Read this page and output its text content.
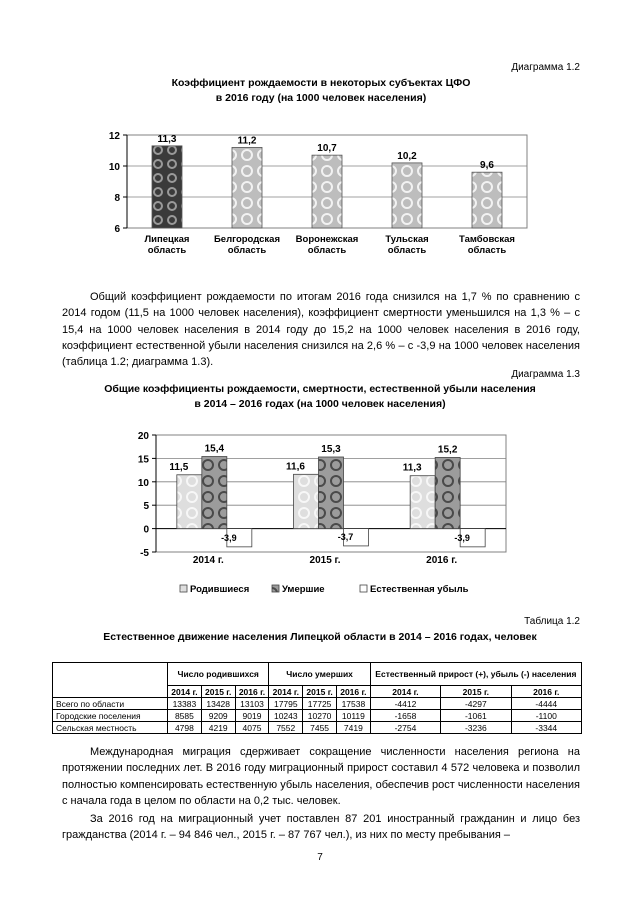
Диаграмма 1.2
Коэффициент рождаемости в некоторых субъектах ЦФО
в 2016 году (на 1000 человек населения)
6
8
10
12	11,3
Липецкая
область
11,2
Белгородская
область
10,7
Воронежская
область
10,2
Тульская
область
9,6
Тамбовская
область
Общий коэффициент рождаемости по итогам 2016 года снизился на 1,7 % по сравнению с 2014 годом (11,5 на 1000 человек населения), коэффициент смертности уменьшился на 1,3 % – с 15,4 на 1000 человек населения в 2014 году до 15,2 на 1000 человек населения в 2016 году, коэффициент естественной убыли населения снизился на 2,6 % – с -3,9 на 1000 человек населения (таблица 1.2; диаграмма 1.3).
Диаграмма 1.3
Общие коэффициенты рождаемости, смертности, естественной убыли населения
в 2014 – 2016 годах (на 1000 человек населения)
-5
0
5
10
15
20
11,5
15,4
-3,9
2014 г.
11,6
15,3
-3,7
2015 г.
11,3
15,2
-3,9
2016 г.
Родившиеся	Умершие	Естественная убыль
Таблица 1.2
Естественное движение населения Липецкой области в 2014 – 2016 годах, человек
	Число родившихся			Число умерших			Естественный прирост (+), убыль (-) населения		
	2014 г.	2015 г.	2016 г.	2014 г.	2015 г.	2016 г.	2014 г.	2015 г.	2016 г.
Всего по области	13383	13428	13103	17795	17725	17538	-4412	-4297	-4444
Городские поселения	8585	9209	9019	10243	10270	10119	-1658	-1061	-1100
Сельская местность	4798	4219	4075	7552	7455	7419	-2754	-3236	-3344
Международная миграция сдерживает сокращение численности населения региона на протяжении последних лет. В 2016 году миграционный прирост составил 4 572 человека и позволил полностью компенсировать естественную убыль населения, обеспечив рост численности населения с начала года в целом по области на 0,2 тыс. человек.
За 2016 год на миграционный учет поставлен 87 201 иностранный гражданин и лицо без гражданства (2014 г. – 94 846 чел., 2015 г. – 87 767 чел.), из них по месту пребывания –
7
